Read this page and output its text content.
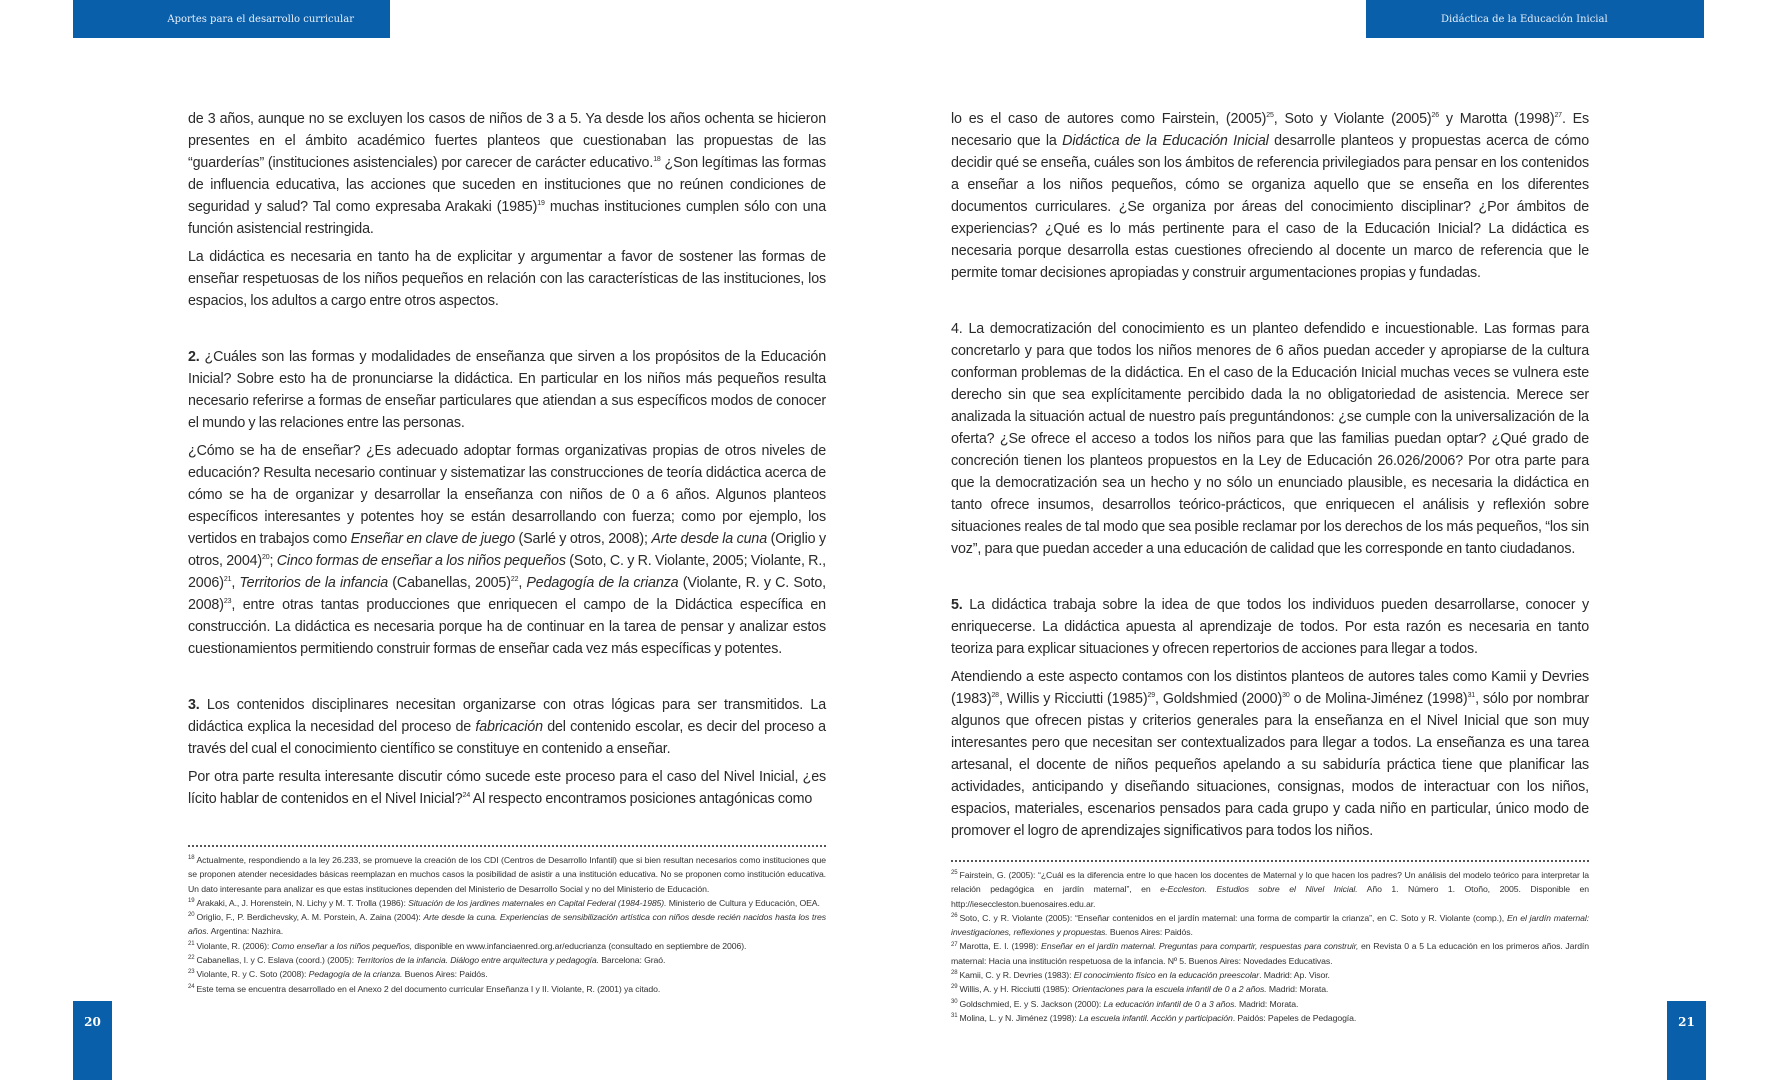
Aportes para el desarrollo curricular	Didáctica de la Educación Inicial

de 3 años, aunque no se excluyen los casos de niños de 3 a 5. Ya desde los años ochenta se hicieron presentes en el ámbito académico fuertes planteos que cuestionaban las propuestas de las “guarderías” (instituciones asistenciales) por carecer de carácter educativo.$^{18}$ ¿Son legítimas las formas de influencia educativa, las acciones que suceden en instituciones que no reúnen condiciones de seguridad y salud? Tal como expresaba Arakaki $(1985)^{19}$ muchas instituciones cumplen sólo con una función asistencial restringida.

La didáctica es necesaria en tanto ha de explicitar y argumentar a favor de sostener las formas de enseñar respetuosas de los niños pequeños en relación con las características de las instituciones, los espacios, los adultos a cargo entre otros aspectos.

2. ¿Cuáles son las formas y modalidades de enseñanza que sirven a los propósitos de la Educación Inicial? Sobre esto ha de pronunciarse la didáctica. En particular en los niños más pequeños resulta necesario referirse a formas de enseñar particulares que atiendan a sus específicos modos de conocer el mundo y las relaciones entre las personas.

¿Cómo se ha de enseñar? ¿Es adecuado adoptar formas organizativas propias de otros niveles de educación? Resulta necesario continuar y sistematizar las construcciones de teoría didáctica acerca de cómo se ha de organizar y desarrollar la enseñanza con niños de 0 a 6 años. Algunos planteos específicos interesantes y potentes hoy se están desarrollando con fuerza; como por ejemplo, los vertidos en trabajos como Enseñar en clave de juego (Sarlé y otros, 2008); Arte desde la cuna (Origlio y otros, 2004)$^{20}$; Cinco formas de enseñar a los niños pequeños (Soto, C. y R. Violante, 2005; Violante, R., 2006)$^{21}$, Territorios de la infancia (Cabanellas, 2005)$^{22}$, Pedagogía de la crianza (Violante, R. y C. Soto, 2008)$^{23}$, entre otras tantas producciones que enriquecen el campo de la Didáctica específica en construcción. La didáctica es necesaria porque ha de continuar en la tarea de pensar y analizar estos cuestionamientos permitiendo construir formas de enseñar cada vez más específicas y potentes.

3. Los contenidos disciplinares necesitan organizarse con otras lógicas para ser transmitidos. La didáctica explica la necesidad del proceso de fabricación del contenido escolar, es decir del proceso a través del cual el conocimiento científico se constituye en contenido a enseñar.

Por otra parte resulta interesante discutir cómo sucede este proceso para el caso del Nivel Inicial, ¿es lícito hablar de contenidos en el Nivel Inicial?$^{24}$ Al respecto encontramos posiciones antagónicas como

lo es el caso de autores como Fairstein, $(2005)^{25}$, Soto y Violante $(2005)^{26}$ y Marotta $(1998)^{27}$. Es necesario que la Didáctica de la Educación Inicial desarrolle planteos y propuestas acerca de cómo decidir qué se enseña, cuáles son los ámbitos de referencia privilegiados para pensar en los contenidos a enseñar a los niños pequeños, cómo se organiza aquello que se enseña en los diferentes documentos curriculares. ¿Se organiza por áreas del conocimiento disciplinar? ¿Por ámbitos de experiencias? ¿Qué es lo más pertinente para el caso de la Educación Inicial? La didáctica es necesaria porque desarrolla estas cuestiones ofreciendo al docente un marco de referencia que le permite tomar decisiones apropiadas y construir argumentaciones propias y fundadas.

4. La democratización del conocimiento es un planteo defendido e incuestionable. Las formas para concretarlo y para que todos los niños menores de 6 años puedan acceder y apropiarse de la cultura conforman problemas de la didáctica. En el caso de la Educación Inicial muchas veces se vulnera este derecho sin que sea explícitamente percibido dada la no obligatoriedad de asistencia. Merece ser analizada la situación actual de nuestro país preguntándonos: ¿se cumple con la universalización de la oferta? ¿Se ofrece el acceso a todos los niños para que las familias puedan optar? ¿Qué grado de concreción tienen los planteos propuestos en la Ley de Educación 26.026/2006? Por otra parte para que la democratización sea un hecho y no sólo un enunciado plausible, es necesaria la didáctica en tanto ofrece insumos, desarrollos teórico-prácticos, que enriquecen el análisis y reflexión sobre situaciones reales de tal modo que sea posible reclamar por los derechos de los más pequeños, “los sin voz”, para que puedan acceder a una educación de calidad que les corresponde en tanto ciudadanos.

5. La didáctica trabaja sobre la idea de que todos los individuos pueden desarrollarse, conocer y enriquecerse. La didáctica apuesta al aprendizaje de todos. Por esta razón es necesaria en tanto teoriza para explicar situaciones y ofrecen repertorios de acciones para llegar a todos.

Atendiendo a este aspecto contamos con los distintos planteos de autores tales como Kamii y Devries $(1983)^{28}$, Willis y Ricciutti $(1985)^{29}$, Goldshmied $(2000)^{30}$ o de Molina-Jiménez $(1998)^{31}$, sólo por nombrar algunos que ofrecen pistas y criterios generales para la enseñanza en el Nivel Inicial que son muy interesantes pero que necesitan ser contextualizados para llegar a todos. La enseñanza es una tarea artesanal, el docente de niños pequeños apelando a su sabiduría práctica tiene que planificar las actividades, anticipando y diseñando situaciones, consignas, modos de interactuar con los niños, espacios, materiales, escenarios pensados para cada grupo y cada niño en particular, único modo de promover el logro de aprendizajes significativos para todos los niños.

$^{18}$ Actualmente, respondiendo a la ley 26.233, se promueve la creación de los CDI (Centros de Desarrollo Infantil) que si bien resultan necesarios como instituciones que se proponen atender necesidades básicas reemplazan en muchos casos la posibilidad de asistir a una institución educativa. No se proponen como institución educativa. Un dato interesante para analizar es que estas instituciones dependen del Ministerio de Desarrollo Social y no del Ministerio de Educación.

$^{19}$ Arakaki, A., J. Horenstein, N. Lichy y M. T. Trolla (1986): Situación de los jardines maternales en Capital Federal (1984-1985). Ministerio de Cultura y Educación, OEA.

$^{20}$ Origlio, F., P. Berdichevsky, A. M. Porstein, A. Zaina (2004): Arte desde la cuna. Experiencias de sensibilización artística con niños desde recién nacidos hasta los tres años. Argentina: Nazhira.

$^{21}$ Violante, R. (2006): Como enseñar a los niños pequeños, disponible en www.infanciaenred.org.ar/educrianza (consultado en septiembre de 2006).

$^{22}$ Cabanellas, I. y C. Eslava (coord.) (2005): Territorios de la infancia. Diálogo entre arquitectura y pedagogía. Barcelona: Graó.

$^{23}$ Violante, R. y C. Soto (2008): Pedagogía de la crianza. Buenos Aires: Paidós.

$^{24}$ Este tema se encuentra desarrollado en el Anexo 2 del documento curricular Enseñanza I y II. Violante, R. (2001) ya citado.

$^{25}$ Fairstein, G. (2005): “¿Cuál es la diferencia entre lo que hacen los docentes de Maternal y lo que hacen los padres? Un análisis del modelo teórico para interpretar la relación pedagógica en jardín maternal”, en e-Eccleston. Estudios sobre el Nivel Inicial. Año 1. Número 1. Otoño, 2005. Disponible en http://ieseccleston.buenosaires.edu.ar.

$^{26}$ Soto, C. y R. Violante (2005): “Enseñar contenidos en el jardín maternal: una forma de compartir la crianza”, en C. Soto y R. Violante (comp.), En el jardín maternal: investigaciones, reflexiones y propuestas. Buenos Aires: Paidós.

$^{27}$ Marotta, E. I. (1998): Enseñar en el jardín maternal. Preguntas para compartir, respuestas para construir, en Revista 0 a 5 La educación en los primeros años. Jardín maternal: Hacia una institución respetuosa de la infancia. Nº 5. Buenos Aires: Novedades Educativas.

$^{28}$ Kamii, C. y R. Devries (1983): El conocimiento físico en la educación preescolar. Madrid: Ap. Visor.

$^{29}$ Willis, A. y H. Ricciutti (1985): Orientaciones para la escuela infantil de 0 a 2 años. Madrid: Morata.

$^{30}$ Goldschmied, E. y S. Jackson (2000): La educación infantil de 0 a 3 años. Madrid: Morata.

$^{31}$ Molina, L. y N. Jiménez (1998): La escuela infantil. Acción y participación. Paidós: Papeles de Pedagogía.

20	21
